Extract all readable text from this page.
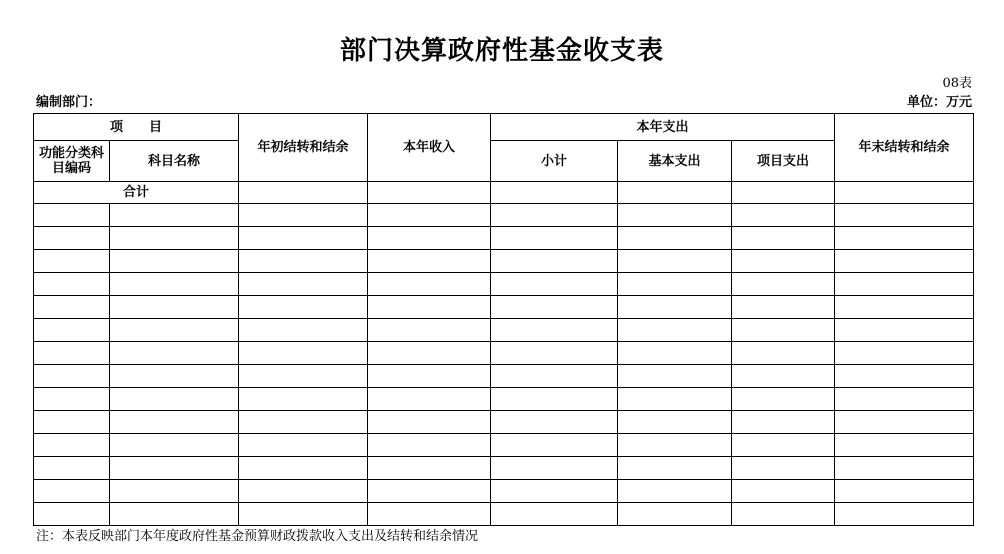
部门决算政府性基金收支表
08表
编制部门：	单位：万元
项　　目		年初结转和结余	本年收入	本年支出			年末结转和结余
功能分类科目编码	科目名称			小计	基本支出	项目支出	
合计							

注：本表反映部门本年度政府性基金预算财政拨款收入支出及结转和结余情况
